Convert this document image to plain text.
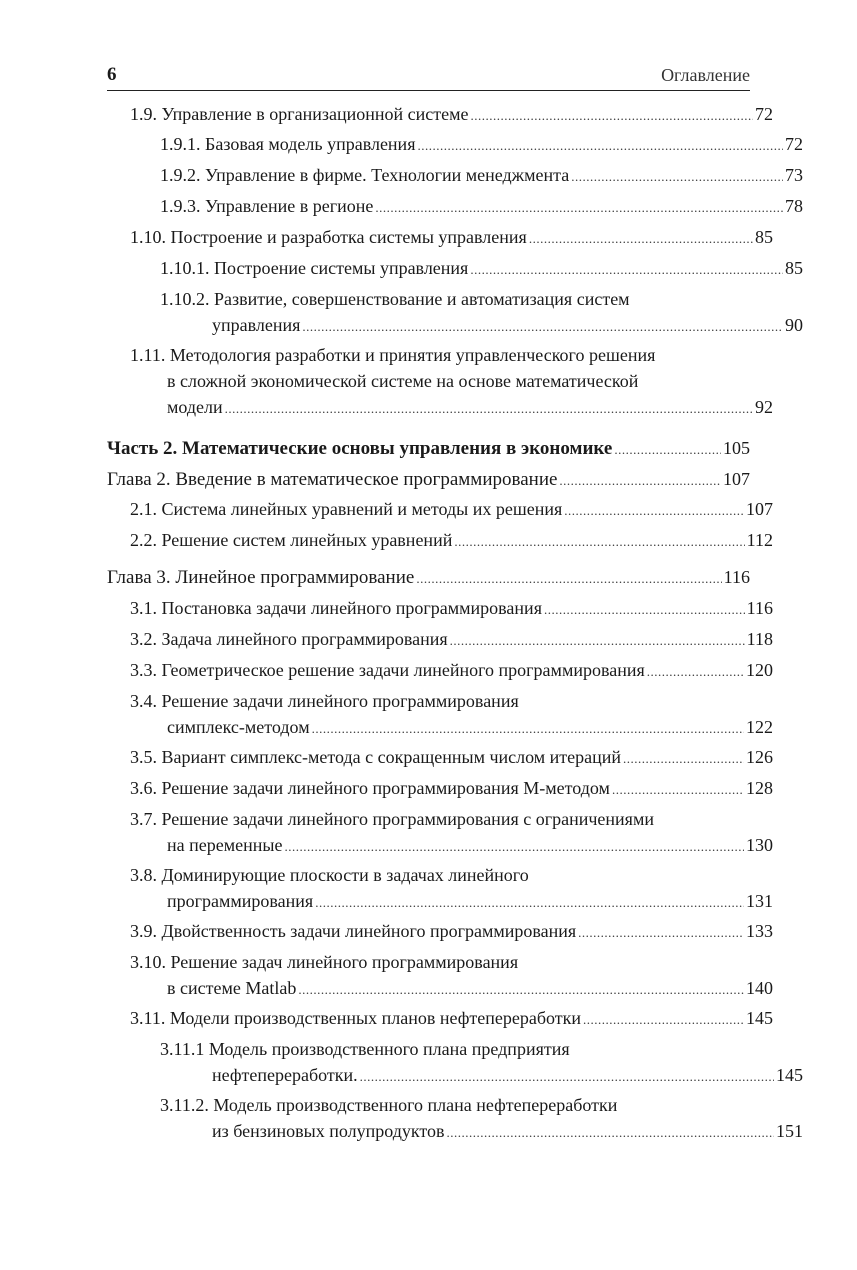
6	Оглавление
1.9. Управление в организационной системе .....	72
1.9.1. Базовая модель управления .....	72
1.9.2. Управление в фирме. Технологии менеджмента .....	73
1.9.3. Управление в регионе .....	78
1.10. Построение и разработка системы управления .....	85
1.10.1. Построение системы управления .....	85
1.10.2. Развитие, совершенствование и автоматизация систем
управления .....	90
1.11. Методология разработки и принятия управленческого решения
в сложной экономической системе на основе математической
модели .....	92
Часть 2. Математические основы управления в экономике .....	105
Глава 2. Введение в математическое программирование .....	107
2.1. Система линейных уравнений и методы их решения .....	107
2.2. Решение систем линейных уравнений .....	112
Глава 3. Линейное программирование .....	116
3.1. Постановка задачи линейного программирования .....	116
3.2. Задача линейного программирования .....	118
3.3. Геометрическое решение задачи линейного программирования .....	120
3.4. Решение задачи линейного программирования
симплекс-методом .....	122
3.5. Вариант симплекс-метода с сокращенным числом итераций .....	126
3.6. Решение задачи линейного программирования М-методом .....	128
3.7. Решение задачи линейного программирования с ограничениями
на переменные .....	130
3.8. Доминирующие плоскости в задачах линейного
программирования .....	131
3.9. Двойственность задачи линейного программирования .....	133
3.10. Решение задач линейного программирования
в системе Matlab .....	140
3.11. Модели производственных планов нефтепереработки .....	145
3.11.1 Модель производственного плана предприятия
нефтепереработки. .....	145
3.11.2. Модель производственного плана нефтепереработки
из бензиновых полупродуктов .....	151
